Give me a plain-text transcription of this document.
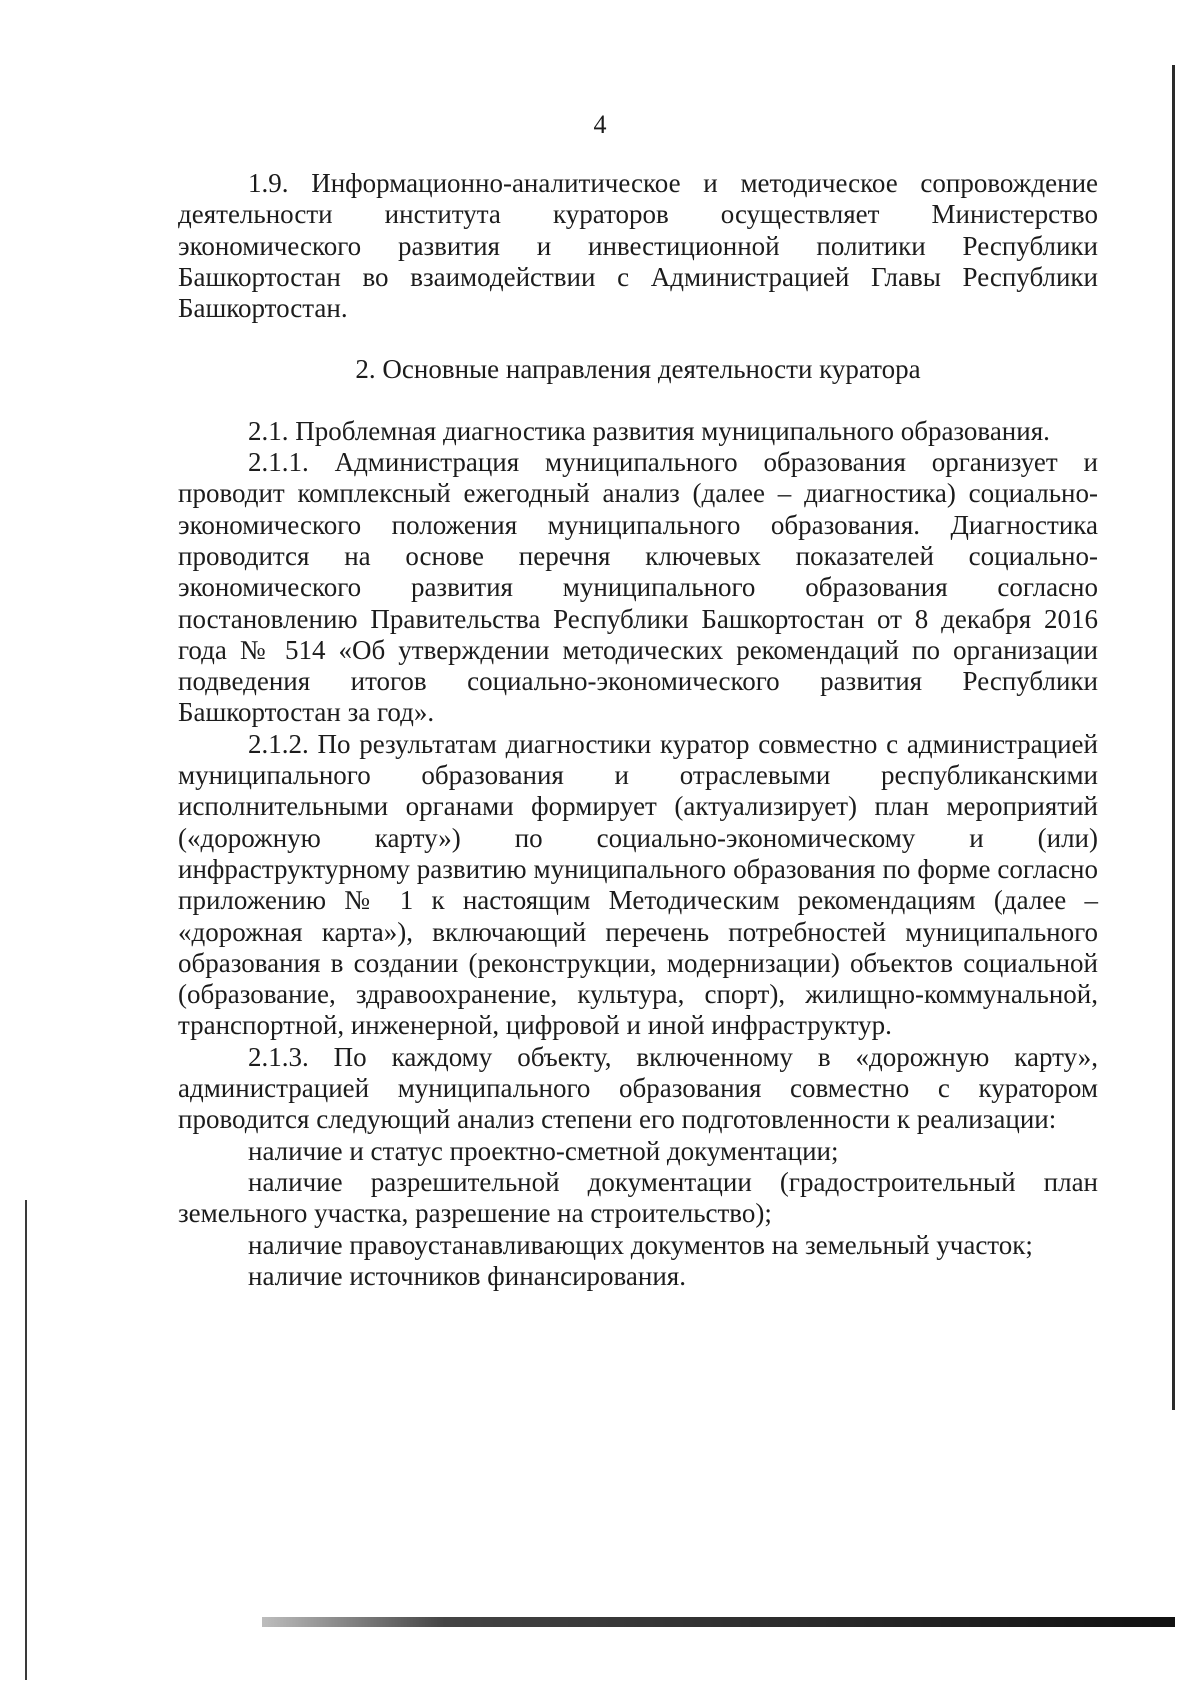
4

1.9. Информационно-аналитическое и методическое сопровождение деятельности института кураторов осуществляет Министерство экономического развития и инвестиционной политики Республики Башкортостан во взаимодействии с Администрацией Главы Республики Башкортостан.

2. Основные направления деятельности куратора

2.1. Проблемная диагностика развития муниципального образования.

2.1.1. Администрация муниципального образования организует и проводит комплексный ежегодный анализ (далее – диагностика) социально-экономического положения муниципального образования. Диагностика проводится на основе перечня ключевых показателей социально-экономического развития муниципального образования согласно постановлению Правительства Республики Башкортостан от 8 декабря 2016 года № 514 «Об утверждении методических рекомендаций по организации подведения итогов социально-экономического развития Республики Башкортостан за год».

2.1.2. По результатам диагностики куратор совместно с администрацией муниципального образования и отраслевыми республиканскими исполнительными органами формирует (актуализирует) план мероприятий («дорожную карту») по социально-экономическому и (или) инфраструктурному развитию муниципального образования по форме согласно приложению № 1 к настоящим Методическим рекомендациям (далее – «дорожная карта»), включающий перечень потребностей муниципального образования в создании (реконструкции, модернизации) объектов социальной (образование, здравоохранение, культура, спорт), жилищно-коммунальной, транспортной, инженерной, цифровой и иной инфраструктур.

2.1.3. По каждому объекту, включенному в «дорожную карту», администрацией муниципального образования совместно с куратором проводится следующий анализ степени его подготовленности к реализации:

наличие и статус проектно-сметной документации;

наличие разрешительной документации (градостроительный план земельного участка, разрешение на строительство);

наличие правоустанавливающих документов на земельный участок;

наличие источников финансирования.
